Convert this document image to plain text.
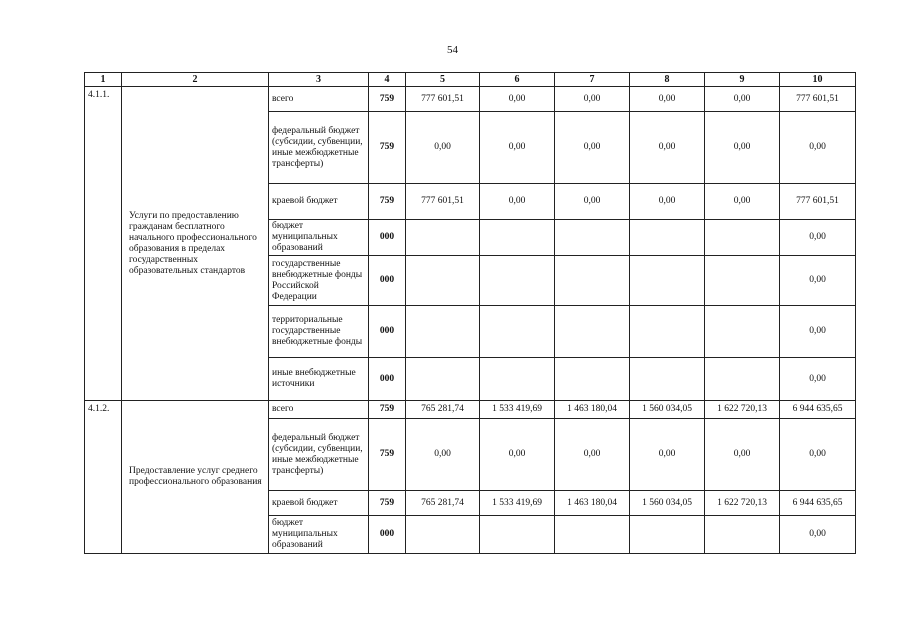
54
1	2	3	4	5	6	7	8	9	10
4.1.1.	Услуги по предоставлению гражданам бесплатного начального профессионального образования в пределах государственных образовательных стандартов	всего	759	777 601,51	0,00	0,00	0,00	0,00	777 601,51
		федеральный бюджет (субсидии, субвенции, иные межбюджетные трансферты)	759	0,00	0,00	0,00	0,00	0,00	0,00
		краевой бюджет	759	777 601,51	0,00	0,00	0,00	0,00	777 601,51
		бюджет муниципальных образований	000						0,00
		государственные внебюджетные фонды Российской Федерации	000						0,00
		территориальные государственные внебюджетные фонды	000						0,00
		иные внебюджетные источники	000						0,00
4.1.2.	Предоставление услуг среднего профессионального образования	всего	759	765 281,74	1 533 419,69	1 463 180,04	1 560 034,05	1 622 720,13	6 944 635,65
		федеральный бюджет (субсидии, субвенции, иные межбюджетные трансферты)	759	0,00	0,00	0,00	0,00	0,00	0,00
		краевой бюджет	759	765 281,74	1 533 419,69	1 463 180,04	1 560 034,05	1 622 720,13	6 944 635,65
		бюджет муниципальных образований	000						0,00
